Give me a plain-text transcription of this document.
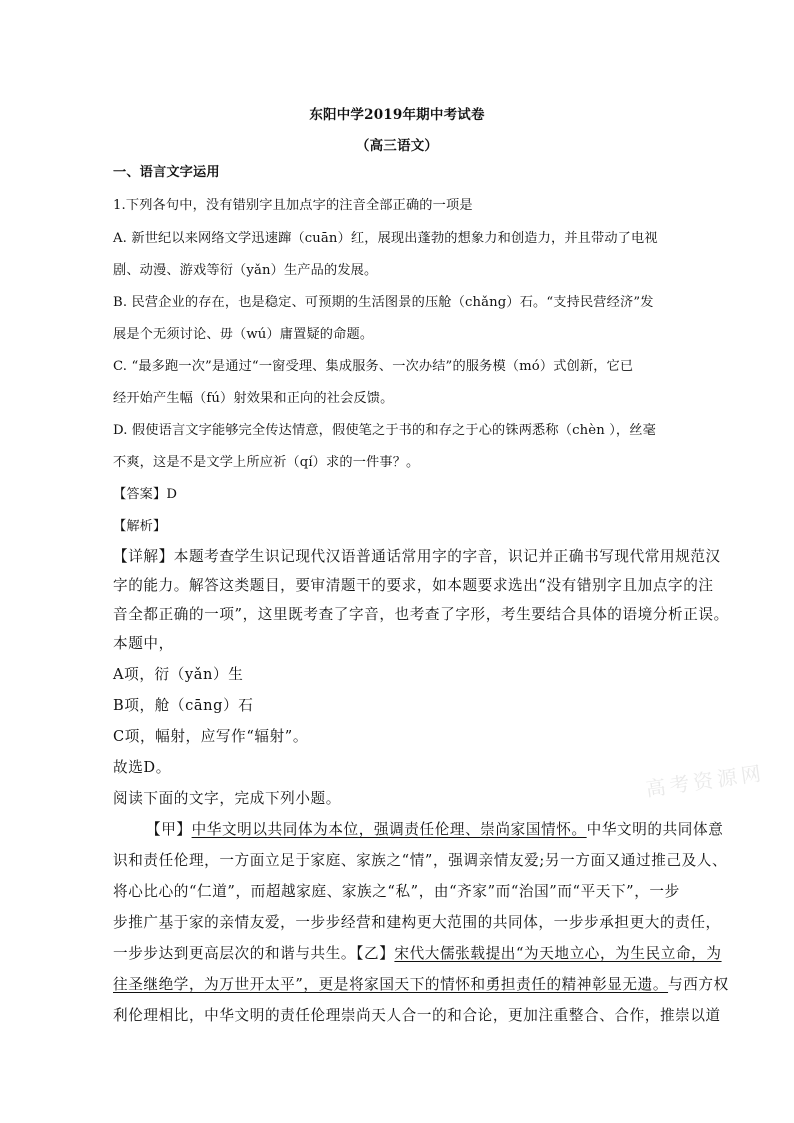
东阳中学2019年期中考试卷
（高三语文）
一、语言文字运用
1.下列各句中，没有错别字且加点字的注音全部正确的一项是
A. 新世纪以来网络文学迅速蹿（cuān）红，展现出蓬勃的想象力和创造力，并且带动了电视
剧、动漫、游戏等衍（yǎn）生产品的发展。
B. 民营企业的存在，也是稳定、可预期的生活图景的压舱（chǎng）石。“支持民营经济”发
展是个无须讨论、毋（wú）庸置疑的命题。
C. “最多跑一次”是通过“一窗受理、集成服务、一次办结”的服务模（mó）式创新，它已
经开始产生幅（fú）射效果和正向的社会反馈。
D. 假使语言文字能够完全传达情意，假使笔之于书的和存之于心的铢两悉称（chèn ），丝毫
不爽，这是不是文学上所应祈（qí）求的一件事？。
【答案】D
【解析】
【详解】本题考查学生识记现代汉语普通话常用字的字音，识记并正确书写现代常用规范汉
字的能力。解答这类题目，要审清题干的要求，如本题要求选出“没有错别字且加点字的注
音全都正确的一项”，这里既考查了字音，也考查了字形，考生要结合具体的语境分析正误。
本题中，
A项，衍（yǎn）生
B项，舱（cāng）石
C项，幅射，应写作“辐射”。
故选D。
阅读下面的文字，完成下列小题。
【甲】中华文明以共同体为本位，强调责任伦理、崇尚家国情怀。中华文明的共同体意
识和责任伦理，一方面立足于家庭、家族之“情”，强调亲情友爱;另一方面又通过推己及人、
将心比心的“仁道”，而超越家庭、家族之“私”，由“齐家”而“治国”而“平天下”，一步
步推广基于家的亲情友爱，一步步经营和建构更大范围的共同体，一步步承担更大的责任，
一步步达到更高层次的和谐与共生。【乙】宋代大儒张载提出“为天地立心，为生民立命，为
往圣继绝学，为万世开太平”，更是将家国天下的情怀和勇担责任的精神彰显无遗。与西方权
利伦理相比，中华文明的责任伦理崇尚天人合一的和合论，更加注重整合、合作，推崇以道
高考资源网
